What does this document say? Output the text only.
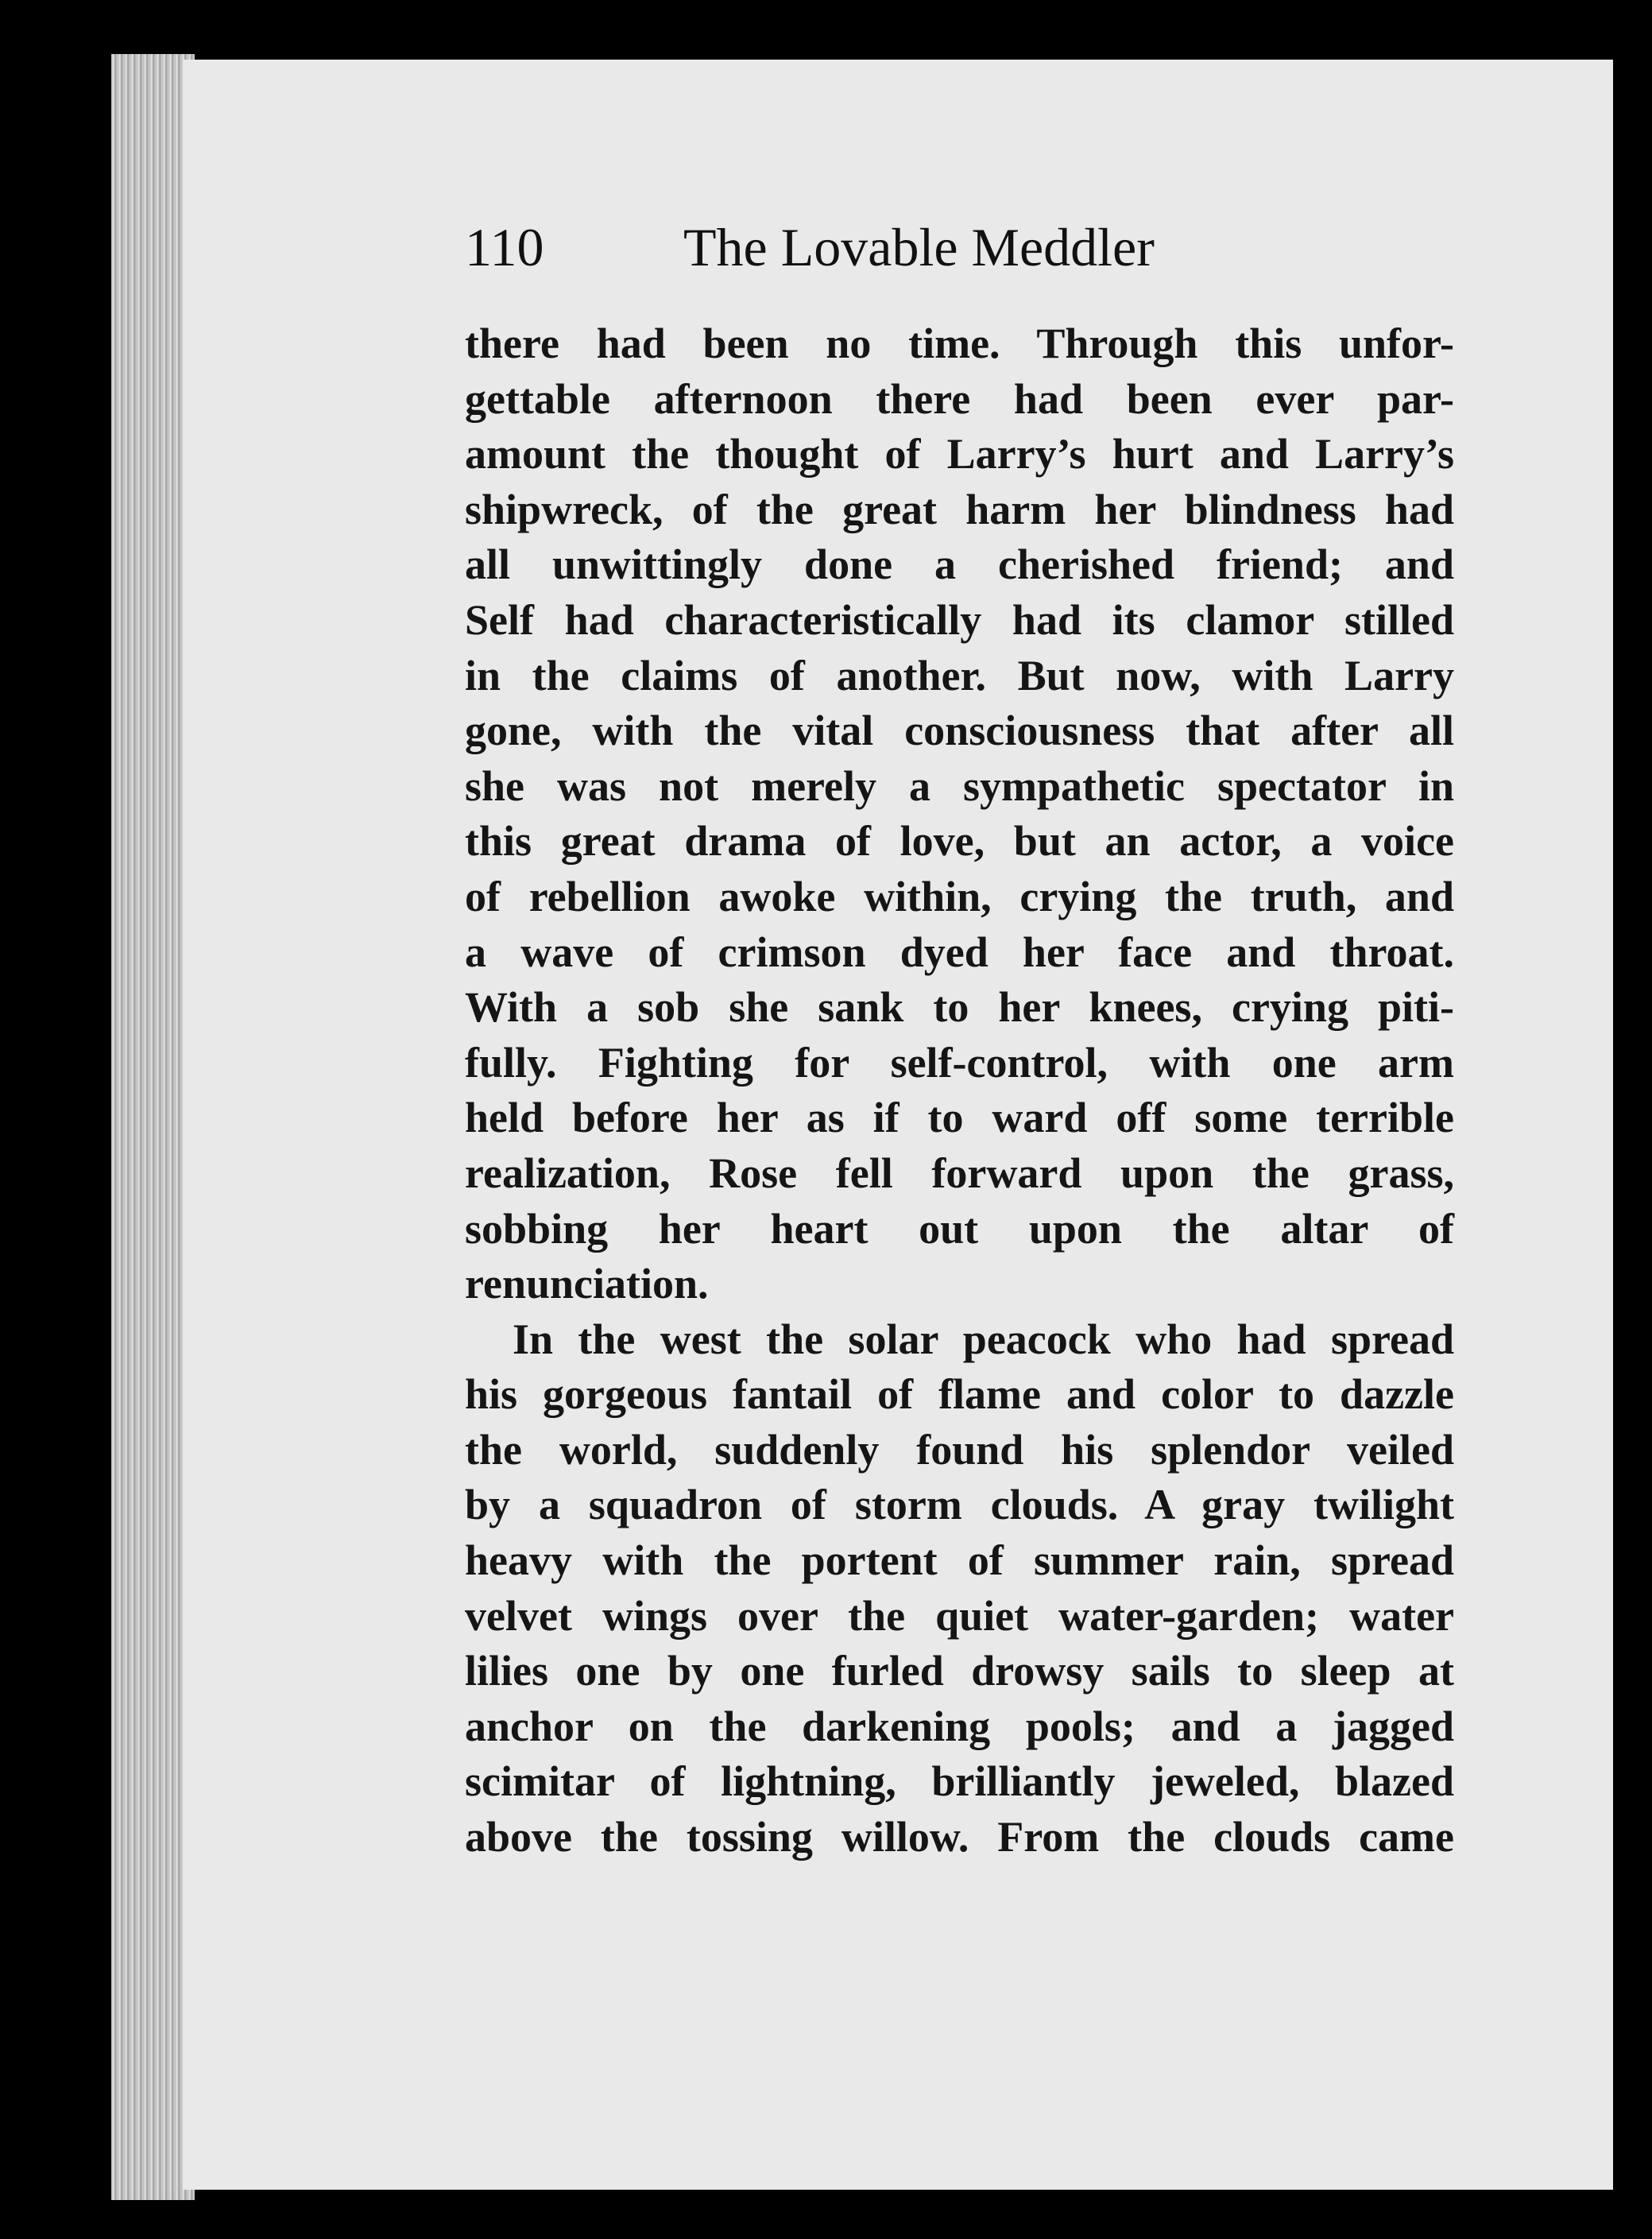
110	The Lovable Meddler
there had been no time. Through this unfor-
gettable afternoon there had been ever par-
amount the thought of Larry’s hurt and Larry’s
shipwreck, of the great harm her blindness had
all unwittingly done a cherished friend; and
Self had characteristically had its clamor stilled
in the claims of another. But now, with Larry
gone, with the vital consciousness that after all
she was not merely a sympathetic spectator in
this great drama of love, but an actor, a voice
of rebellion awoke within, crying the truth, and
a wave of crimson dyed her face and throat.
With a sob she sank to her knees, crying piti-
fully. Fighting for self-control, with one arm
held before her as if to ward off some terrible
realization, Rose fell forward upon the grass,
sobbing her heart out upon the altar of
renunciation.
In the west the solar peacock who had spread
his gorgeous fantail of flame and color to dazzle
the world, suddenly found his splendor veiled
by a squadron of storm clouds. A gray twilight
heavy with the portent of summer rain, spread
velvet wings over the quiet water-garden; water
lilies one by one furled drowsy sails to sleep at
anchor on the darkening pools; and a jagged
scimitar of lightning, brilliantly jeweled, blazed
above the tossing willow. From the clouds came
